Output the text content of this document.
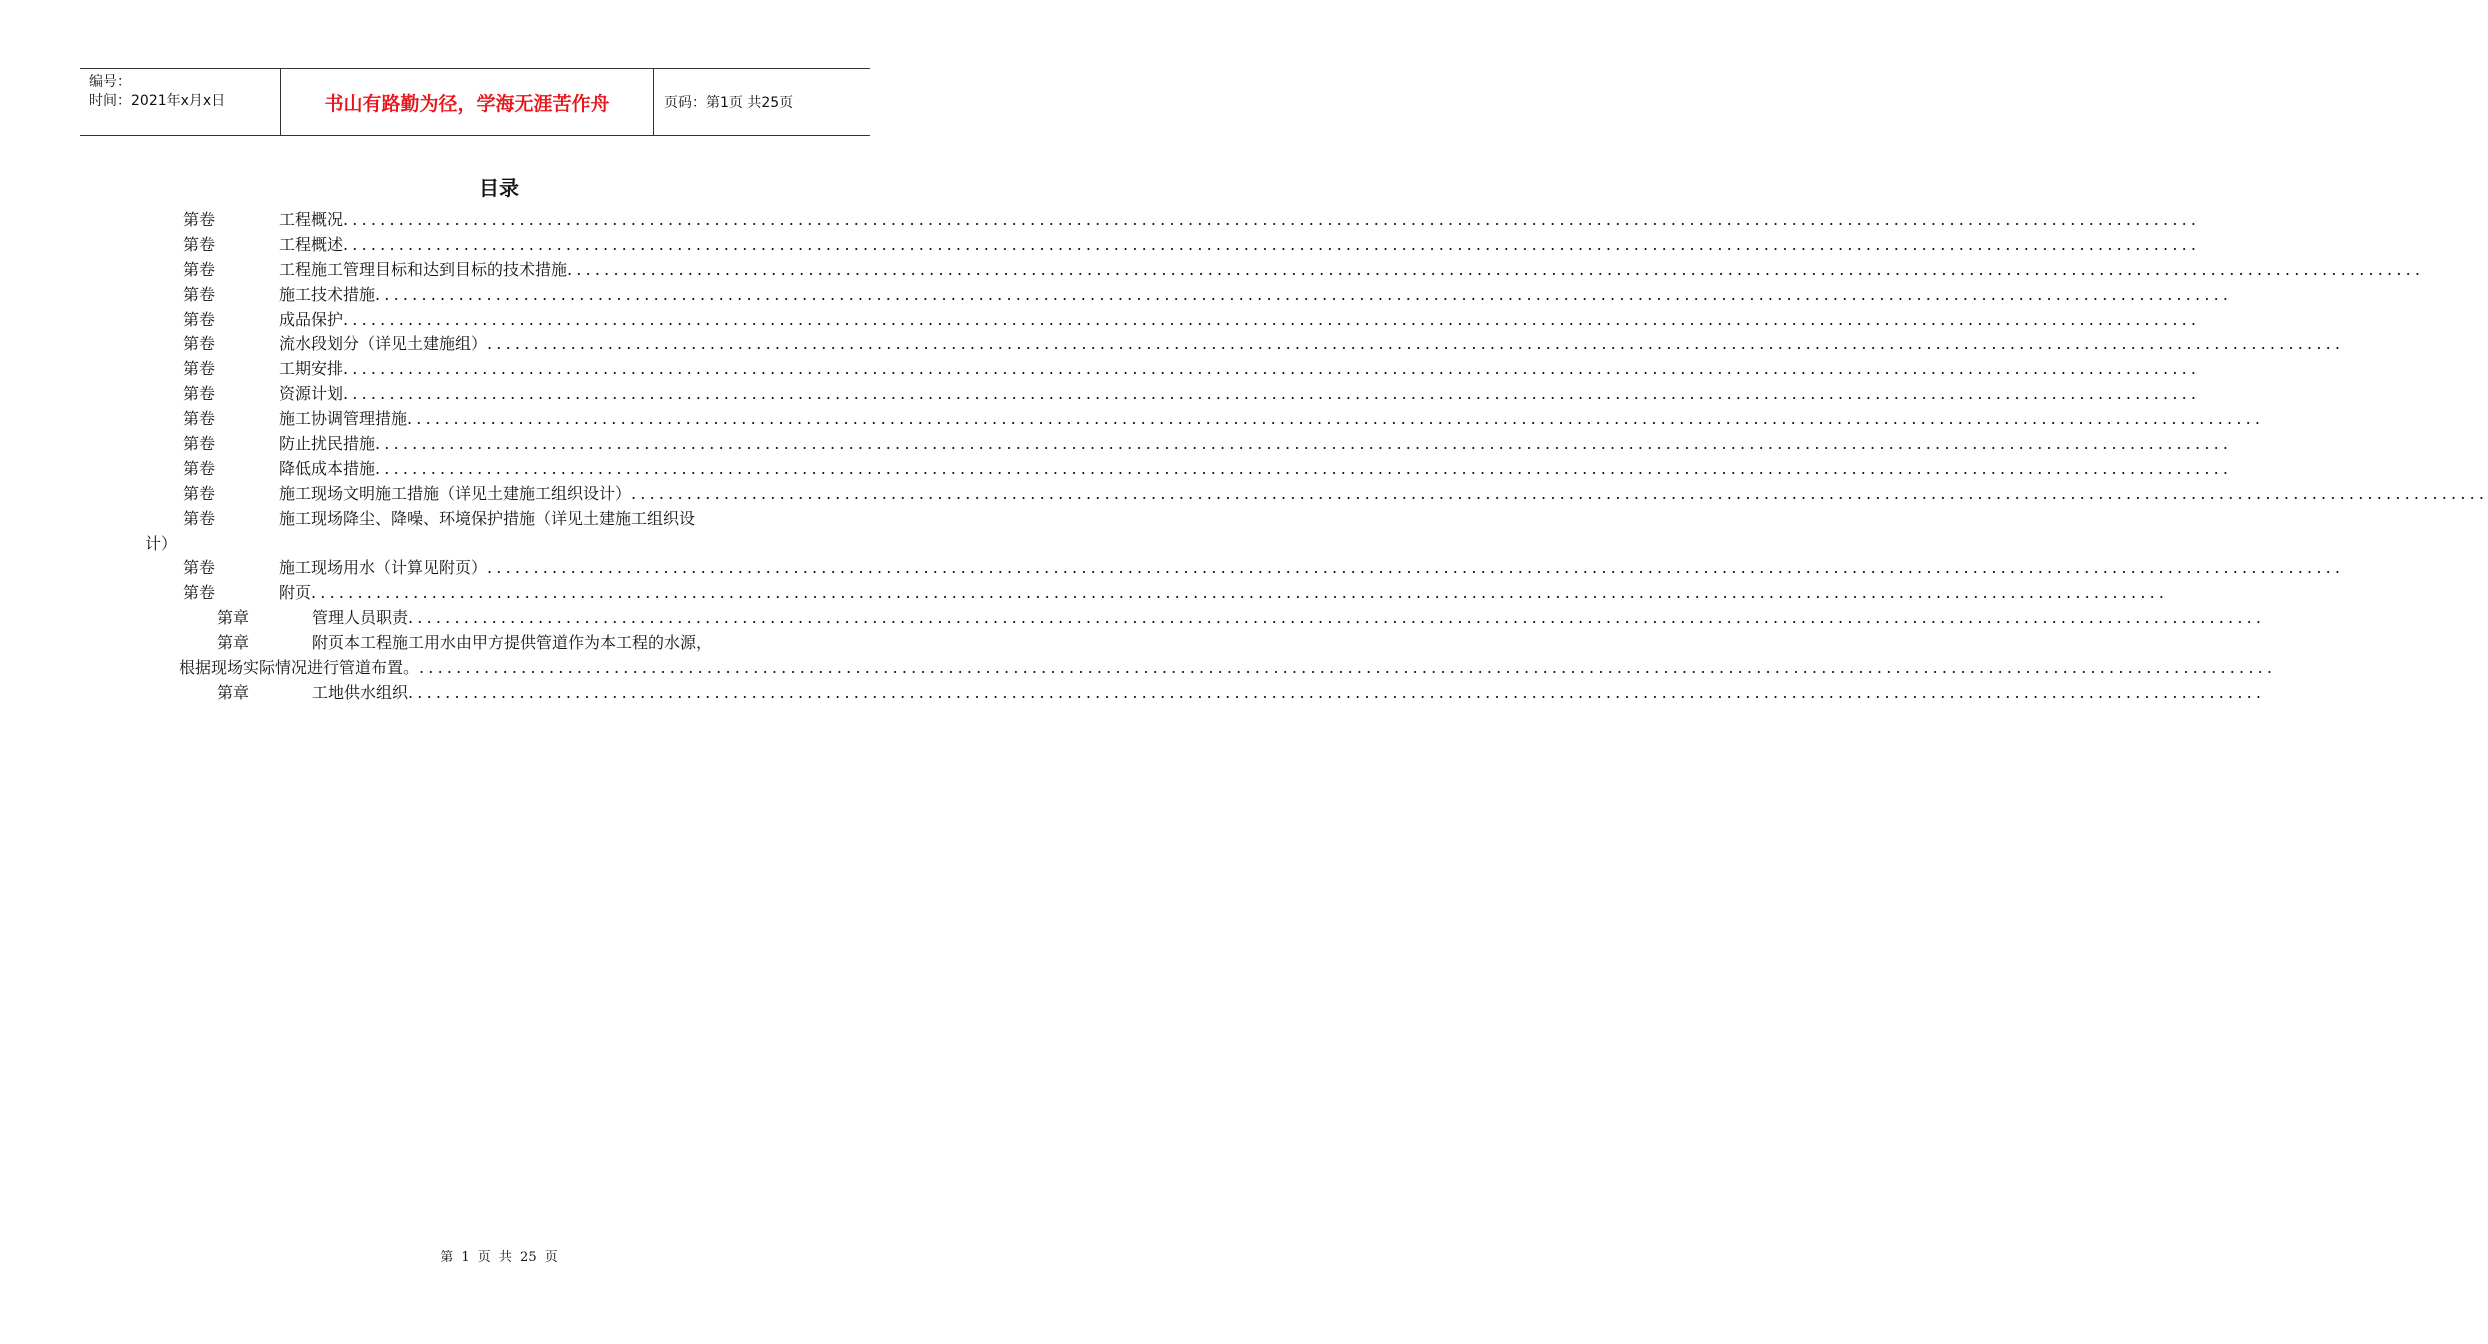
编号：
时间：2021年x月x日	书山有路勤为径，学海无涯苦作舟	页码：第1页 共25页
目录
第卷	工程概况 ........................................................................................................................................................................................................
第卷	工程概述 ........................................................................................................................................................................................................
第卷	工程施工管理目标和达到目标的技术措施 ........................................................................................................................................................................................................
第卷	施工技术措施 ........................................................................................................................................................................................................
第卷	成品保护 ........................................................................................................................................................................................................
第卷	流水段划分（详见土建施组） ........................................................................................................................................................................................................
第卷	工期安排 ........................................................................................................................................................................................................
第卷	资源计划 ........................................................................................................................................................................................................
第卷	施工协调管理措施 ........................................................................................................................................................................................................
第卷	防止扰民措施 ........................................................................................................................................................................................................
第卷	降低成本措施 ........................................................................................................................................................................................................
第卷	施工现场文明施工措施（详见土建施工组织设计） ........................................................................................................................................................................................................
第卷	施工现场降尘、降噪、环境保护措施（详见土建施工组织设
计）
第卷	施工现场用水（计算见附页） ........................................................................................................................................................................................................
第卷	附页 ........................................................................................................................................................................................................
第章	管理人员职责 ........................................................................................................................................................................................................
第章	附页本工程施工用水由甲方提供管道作为本工程的水源，
根据现场实际情况进行管道布置。 ........................................................................................................................................................................................................
第章	工地供水组织 ........................................................................................................................................................................................................
第 1 页 共 25 页
